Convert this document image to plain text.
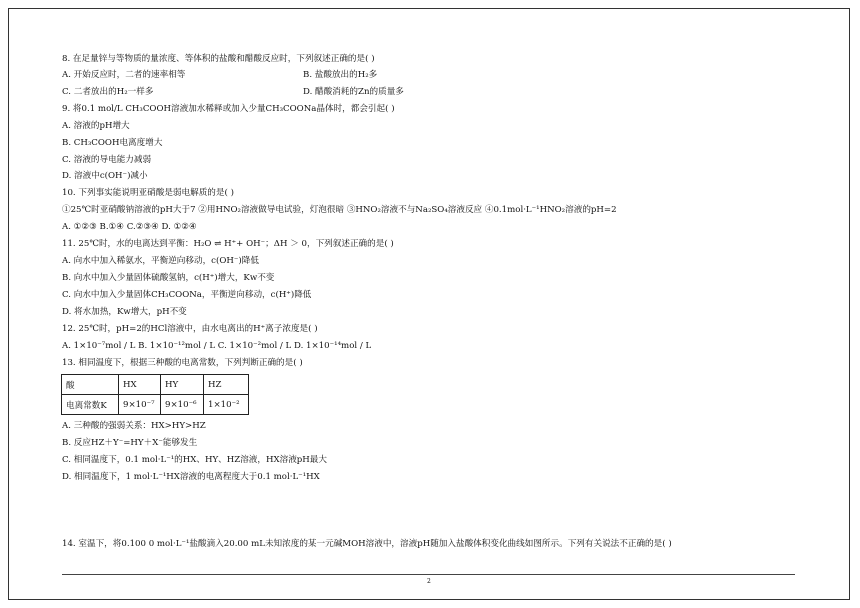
8. 在足量锌与等物质的量浓度、等体积的盐酸和醋酸反应时，下列叙述正确的是( )
A. 开始反应时，二者的速率相等	B. 盐酸放出的H₂多
C. 二者放出的H₂一样多	D. 醋酸消耗的Zn的质量多
9. 将0.1 mol/L CH₃COOH溶液加水稀释或加入少量CH₃COONa晶体时，都会引起( )
A. 溶液的pH增大
B. CH₃COOH电离度增大
C. 溶液的导电能力减弱
D. 溶液中c(OH⁻)减小
10. 下列事实能说明亚硝酸是弱电解质的是( )
①25℃时亚硝酸钠溶液的pH大于7 ②用HNO₂溶液做导电试验，灯泡很暗 ③HNO₂溶液不与Na₂SO₄溶液反应 ④0.1mol·L⁻¹HNO₂溶液的pH=2
A. ①②③ B.①④ C.②③④ D. ①②④
11. 25℃时，水的电离达到平衡：H₂O ⇌ H⁺+ OH⁻；ΔH ＞ 0，下列叙述正确的是( )
A. 向水中加入稀氨水，平衡逆向移动，c(OH⁻)降低
B. 向水中加入少量固体硫酸氢钠，c(H⁺)增大，Kw不变
C. 向水中加入少量固体CH₃COONa，平衡逆向移动，c(H⁺)降低
D. 将水加热，Kw增大，pH不变
12. 25℃时，pH=2的HCl溶液中，由水电离出的H⁺离子浓度是( )
A. 1×10⁻⁷mol / L B. 1×10⁻¹²mol / L C. 1×10⁻²mol / L D. 1×10⁻¹⁴mol / L
13. 相同温度下，根据三种酸的电离常数，下列判断正确的是( )
酸	HX	HY	HZ
电离常数K	9×10⁻⁷	9×10⁻⁶	1×10⁻²
A. 三种酸的强弱关系：HX>HY>HZ
B. 反应HZ＋Y⁻=HY＋X⁻能够发生
C. 相同温度下，0.1 mol·L⁻¹的HX、HY、HZ溶液，HX溶液pH最大
D. 相同温度下，1 mol·L⁻¹HX溶液的电离程度大于0.1 mol·L⁻¹HX
14. 室温下，将0.100 0 mol·L⁻¹盐酸滴入20.00 mL未知浓度的某一元碱MOH溶液中，溶液pH随加入盐酸体积变化曲线如图所示。下列有关说法不正确的是( )
2
